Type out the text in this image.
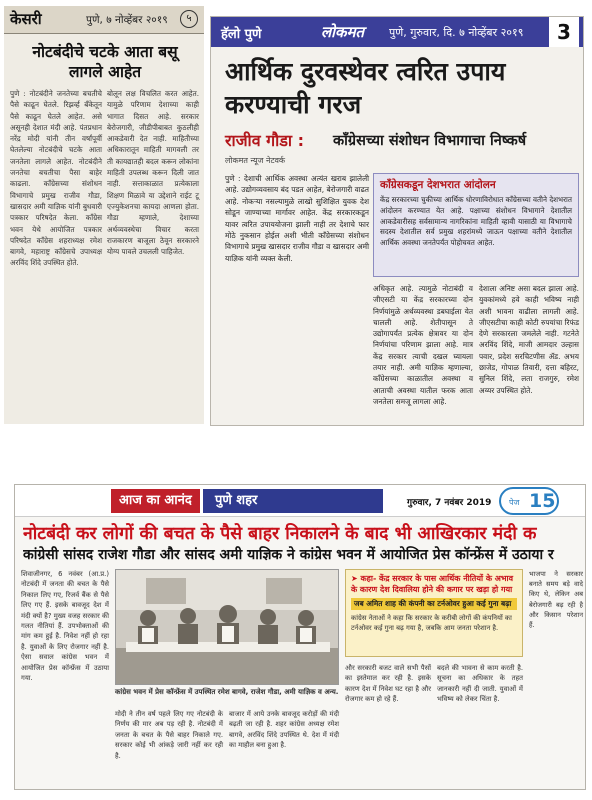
केसरी	पुणे, ७ नोव्हेंबर २०१९	५
नोटबंदीचे चटके आता बसू लागले आहेत
पुणे : नोटबंदीने जनतेच्या बचतीचे पैसे काढून घेतले. रिझर्व्ह बँकेतून पैसे काढून घेतले आहेत. असे असूनही देशात मंदी आहे. पंतप्रधान नरेंद्र मोदी यांनी तीन वर्षांपूर्वी घेतलेल्या नोटबंदीचे चटके आता जनतेला लागले आहेत. नोटबंदीने जनतेचा बचतीचा पैसा बाहेर काढला. काँग्रेसच्या संशोधन विभागाचे प्रमुख राजीव गौडा, खासदार अमी याज्ञिक यांनी बुधवारी पत्रकार परिषदेत केला. काँग्रेस भवन येथे आयोजित पत्रकार परिषदेत काँग्रेस शहराध्यक्ष रमेश बागवे, महाराष्ट्र काँग्रेसचे उपाध्यक्ष अरविंद शिंदे उपस्थित होते.
बोलून लक्ष विचलित करत आहेत. यामुळे परिणाम देशाच्या काही भागात दिसत आहे. सरकार बेरोजगारी, जीडीपीबाबत कुठलीही आकडेवारी देत नाही. माहितीच्या अधिकारातून माहिती मागवली तर ती कायद्यातही बदल करून लोकांना माहिती उपलब्ध करून दिली जात नाही. सत्ताकाळात प्रत्येकाला शिक्षण मिळावे या उद्देशाने राईट टू एज्युकेशनचा कायदा आणला होता. गौडा म्हणाले, देशाच्या अर्थव्यवस्थेचा विचार करता राजकारण बाजूला ठेवून सरकारने योग्य पावले उचलली पाहिजेत.
हॅलो पुणे	लोकमत पुणे, गुरुवार, दि. ७ नोव्हेंबर २०१९	3
आर्थिक दुरवस्थेवर त्वरित उपाय करण्याची गरज
राजीव गौडा : काँग्रेसच्या संशोधन विभागाचा निष्कर्ष
लोकमत न्यूज नेटवर्क
पुणे : देशाची आर्थिक अवस्था अत्यंत खराब झालेली आहे. उद्योगव्यवसाय बंद पडत आहेत, बेरोजगारी वाढत आहे. नोकऱ्या नसल्यामुळे लाखो सुशिक्षित युवक देश सोडून जाण्याच्या मार्गावर आहेत. केंद्र सरकारकडून यावर त्वरित उपाययोजना झाली नाही तर देशाचे फार मोठे नुकसान होईल अशी भीती काँग्रेसच्या संशोधन विभागाचे प्रमुख खासदार राजीव गौडा व खासदार अमी याज्ञिक यांनी व्यक्त केली.
काँग्रेसकडून देशभरात आंदोलन
केंद्र सरकारच्या चुकीच्या आर्थिक धोरणाविरोधात काँग्रेसच्या वतीने देशभरात आंदोलन करण्यात येत आहे. पक्षाच्या संशोधन विभागाने देशातील आकडेवारीसह सर्वसामान्य नागरिकांना माहिती व्हावी यासाठी या विभागाचे सदस्य देशातील सर्व प्रमुख शहरांमध्ये जाऊन पक्षाच्या वतीने देशातील आर्थिक अवस्था जनतेपर्यंत पोहोचवत आहेत.
अधिकृत आहे. त्यामुळे नोटाबंदी व जीएसटी या केंद्र सरकारच्या दोन निर्णयांमुळे अर्थव्यवस्था डबघाईला येत चालली आहे. शेतीपासून ते उद्योगापर्यंत प्रत्येक क्षेत्रावर या दोन निर्णयांचा परिणाम झाला आहे. मात्र केंद्र सरकार त्याची दखल घ्यायला तयार नाही. अमी याज्ञिक म्हणाल्या, काँग्रेसच्या काळातील अवस्था व आताची अवस्था यातील फरक आता जनतेला समजू लागला आहे.
देशाला अनिष्ट असा बदल झाला आहे. युवकांमध्ये हवे काही भविष्य नाही अशी भावना वाढीला लागली आहे. जीएसटीचा काही कोटी रुपयांचा रिफंड देणे सरकारला जमलेले नाही. गटनेते अरविंद शिंदे, माजी आमदार उल्हास पवार, प्रदेश सरचिटणीस ॲड. अभय छाजेड, गोपाळ तिवारी, दत्ता बहिरट, सुनिल शिंदे, लता राजगुरु, रमेश अय्यर उपस्थित होते.
आज का आनंद	पुणे शहर	गुरुवार, 7 नवंबर 2019 पेज 15
नोटबंदी कर लोगों की बचत के पैसे बाहर निकालने के बाद भी आखिरकार मंदी क
कांग्रेसी सांसद राजेश गौडा और सांसद अमी याज्ञिक ने कांग्रेस भवन में आयोजित प्रेस कॉन्फ्रेंस में उठाया र
शिवाजीनगर, 6 नवंबर (आ.प्र.) नोटबंदी में जनता की बचत के पैसे निकाल लिए गए, रिजर्व बैंक से पैसे लिए गए हैं. इसके बावजूद देश में मंदी क्यों है? मुख्य वजह सरकार की गलत नीतियां हैं. उपभोक्ताओं की मांग कम हुई है. निवेश नहीं हो रहा है. युवाओं के लिए रोजगार नहीं है. ऐसा सवाल कांग्रेस भवन में आयोजित प्रेस कॉन्फ्रेंस में उठाया गया.
कांग्रेस भवन में प्रेस कॉन्फ्रेंस में उपस्थित रमेश बागवे, राजेश गौडा, अमी याज्ञिक व अन्य.
मोदी ने तीन वर्ष पहले लिए गए नोटबंदी के निर्णय की मार अब पड़ रही है. नोटबंदी में जनता के बचत के पैसे बाहर निकाले गए. सरकार कोई भी आंकड़े जारी नहीं कर रही है.
बाजार में आये उनके बावजूद करोड़ों की मंदी बढ़ती जा रही है. शहर कांग्रेस अध्यक्ष रमेश बागवे, अरविंद शिंदे उपस्थित थे. देश में मंदी का माहौल बना हुआ है.
➤ कहा- केंद्र सरकार के पास आर्थिक नीतियों के अभाव के कारण देश दिवालिया होने की कगार पर खड़ा हो गया
जब अमित शाह की कंपनी का टर्नओवर हुआ कई गुना बढ़ा
कांग्रेस नेताओं ने कहा कि सरकार के करीबी लोगों की कंपनियों का टर्नओवर कई गुना बढ़ गया है, जबकि आम जनता परेशान है.
और सरकारी बजट वाले सभी पैसों का इस्तेमाल कर रही है. इसके कारण देश में निवेश घट रहा है और रोजगार कम हो रहे हैं.
बदले की भावना से काम करती है. सूचना का अधिकार के तहत जानकारी नहीं दी जाती. युवाओं में भविष्य को लेकर चिंता है.
भाजपा ने सरकार बनाते समय बड़े वादे किए थे, लेकिन अब बेरोजगारी बढ़ रही है और किसान परेशान हैं.
